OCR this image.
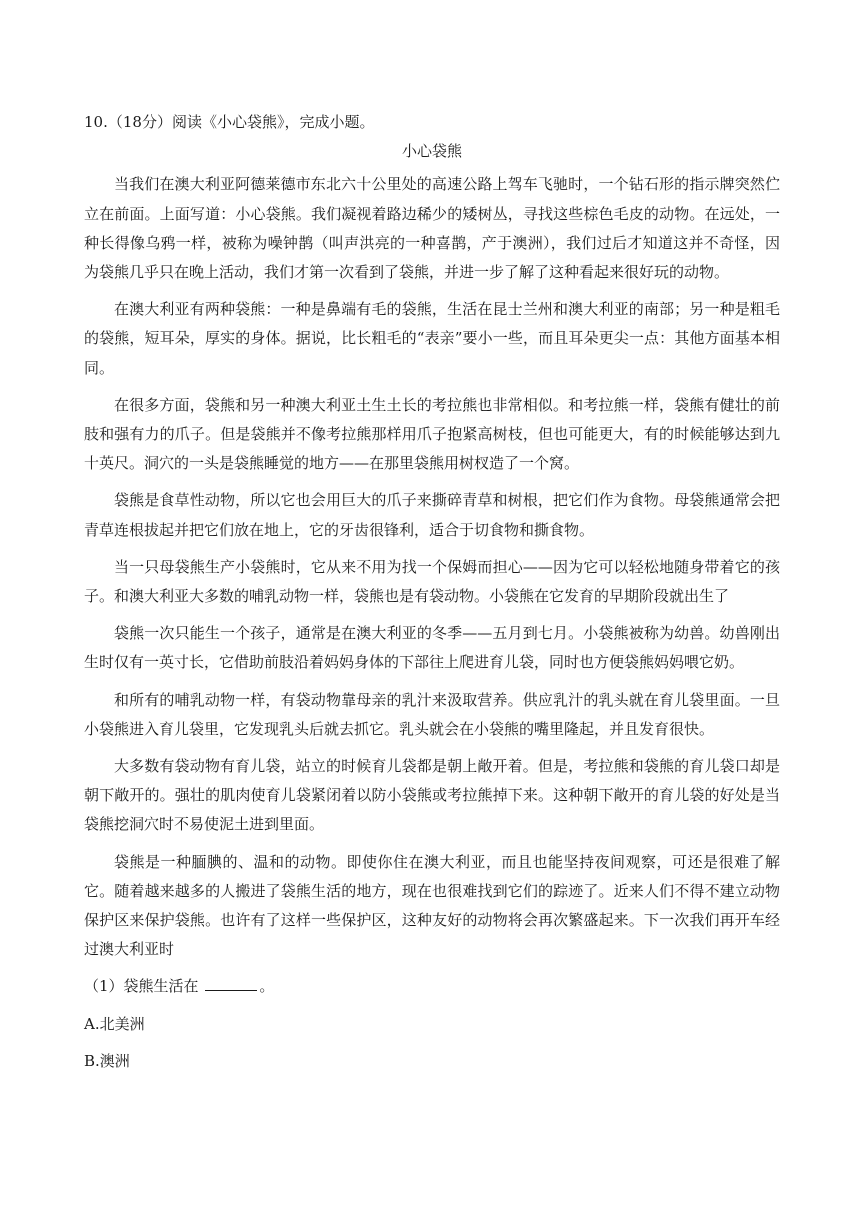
10.（18分）阅读《小心袋熊》，完成小题。

小心袋熊

当我们在澳大利亚阿德莱德市东北六十公里处的高速公路上驾车飞驰时，一个钻石形的指示牌突然伫立在前面。上面写道：小心袋熊。我们凝视着路边稀少的矮树丛，寻找这些棕色毛皮的动物。在远处，一种长得像乌鸦一样，被称为噪钟鹊（叫声洪亮的一种喜鹊，产于澳洲），我们过后才知道这并不奇怪，因为袋熊几乎只在晚上活动，我们才第一次看到了袋熊，并进一步了解了这种看起来很好玩的动物。

在澳大利亚有两种袋熊：一种是鼻端有毛的袋熊，生活在昆士兰州和澳大利亚的南部；另一种是粗毛的袋熊，短耳朵，厚实的身体。据说，比长粗毛的“表亲”要小一些，而且耳朵更尖一点：其他方面基本相同。

在很多方面，袋熊和另一种澳大利亚土生土长的考拉熊也非常相似。和考拉熊一样，袋熊有健壮的前肢和强有力的爪子。但是袋熊并不像考拉熊那样用爪子抱紧高树枝，但也可能更大，有的时候能够达到九十英尺。洞穴的一头是袋熊睡觉的地方——在那里袋熊用树杈造了一个窝。

袋熊是食草性动物，所以它也会用巨大的爪子来撕碎青草和树根，把它们作为食物。母袋熊通常会把青草连根拔起并把它们放在地上，它的牙齿很锋利，适合于切食物和撕食物。

当一只母袋熊生产小袋熊时，它从来不用为找一个保姆而担心——因为它可以轻松地随身带着它的孩子。和澳大利亚大多数的哺乳动物一样，袋熊也是有袋动物。小袋熊在它发育的早期阶段就出生了

袋熊一次只能生一个孩子，通常是在澳大利亚的冬季——五月到七月。小袋熊被称为幼兽。幼兽刚出生时仅有一英寸长，它借助前肢沿着妈妈身体的下部往上爬进育儿袋，同时也方便袋熊妈妈喂它奶。

和所有的哺乳动物一样，有袋动物靠母亲的乳汁来汲取营养。供应乳汁的乳头就在育儿袋里面。一旦小袋熊进入育儿袋里，它发现乳头后就去抓它。乳头就会在小袋熊的嘴里隆起，并且发育很快。

大多数有袋动物有育儿袋，站立的时候育儿袋都是朝上敞开着。但是，考拉熊和袋熊的育儿袋口却是朝下敞开的。强壮的肌肉使育儿袋紧闭着以防小袋熊或考拉熊掉下来。这种朝下敞开的育儿袋的好处是当袋熊挖洞穴时不易使泥土进到里面。

袋熊是一种腼腆的、温和的动物。即使你住在澳大利亚，而且也能坚持夜间观察，可还是很难了解它。随着越来越多的人搬进了袋熊生活的地方，现在也很难找到它们的踪迹了。近来人们不得不建立动物保护区来保护袋熊。也许有了这样一些保护区，这种友好的动物将会再次繁盛起来。下一次我们再开车经过澳大利亚时

（1）袋熊生活在	。

A.北美洲

B.澳洲
